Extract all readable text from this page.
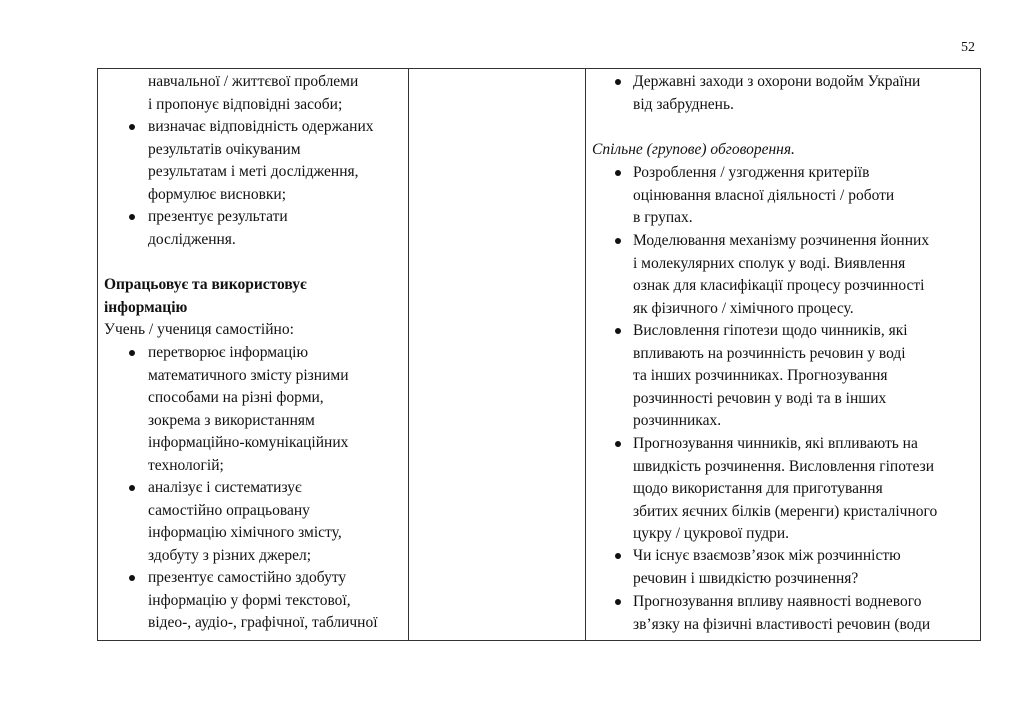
52
навчальної / життєвої проблеми
і пропонує відповідні засоби;
визначає відповідність одержаних
результатів очікуваним
результатам і меті дослідження,
формулює висновки;
презентує результати
дослідження.
Опрацьовує та використовує
інформацію
Учень / учениця самостійно:
перетворює інформацію
математичного змісту різними
способами на різні форми,
зокрема з використанням
інформаційно-комунікаційних
технологій;
аналізує і систематизує
самостійно опрацьовану
інформацію хімічного змісту,
здобуту з різних джерел;
презентує самостійно здобуту
інформацію у формі текстової,
відео-, аудіо-, графічної, табличної
Державні заходи з охорони водойм України
від забруднень.
Спільне (групове) обговорення.
Розроблення / узгодження критеріїв
оцінювання власної діяльності / роботи
в групах.
Моделювання механізму розчинення йонних
і молекулярних сполук у воді. Виявлення
ознак для класифікації процесу розчинності
як фізичного / хімічного процесу.
Висловлення гіпотези щодо чинників, які
впливають на розчинність речовин у воді
та інших розчинниках. Прогнозування
розчинності речовин у воді та в інших
розчинниках.
Прогнозування чинників, які впливають на
швидкість розчинення. Висловлення гіпотези
щодо використання для приготування
збитих яєчних білків (меренги) кристалічного
цукру / цукрової пудри.
Чи існує взаємозв’язок між розчинністю
речовин і швидкістю розчинення?
Прогнозування впливу наявності водневого
зв’язку на фізичні властивості речовин (води
